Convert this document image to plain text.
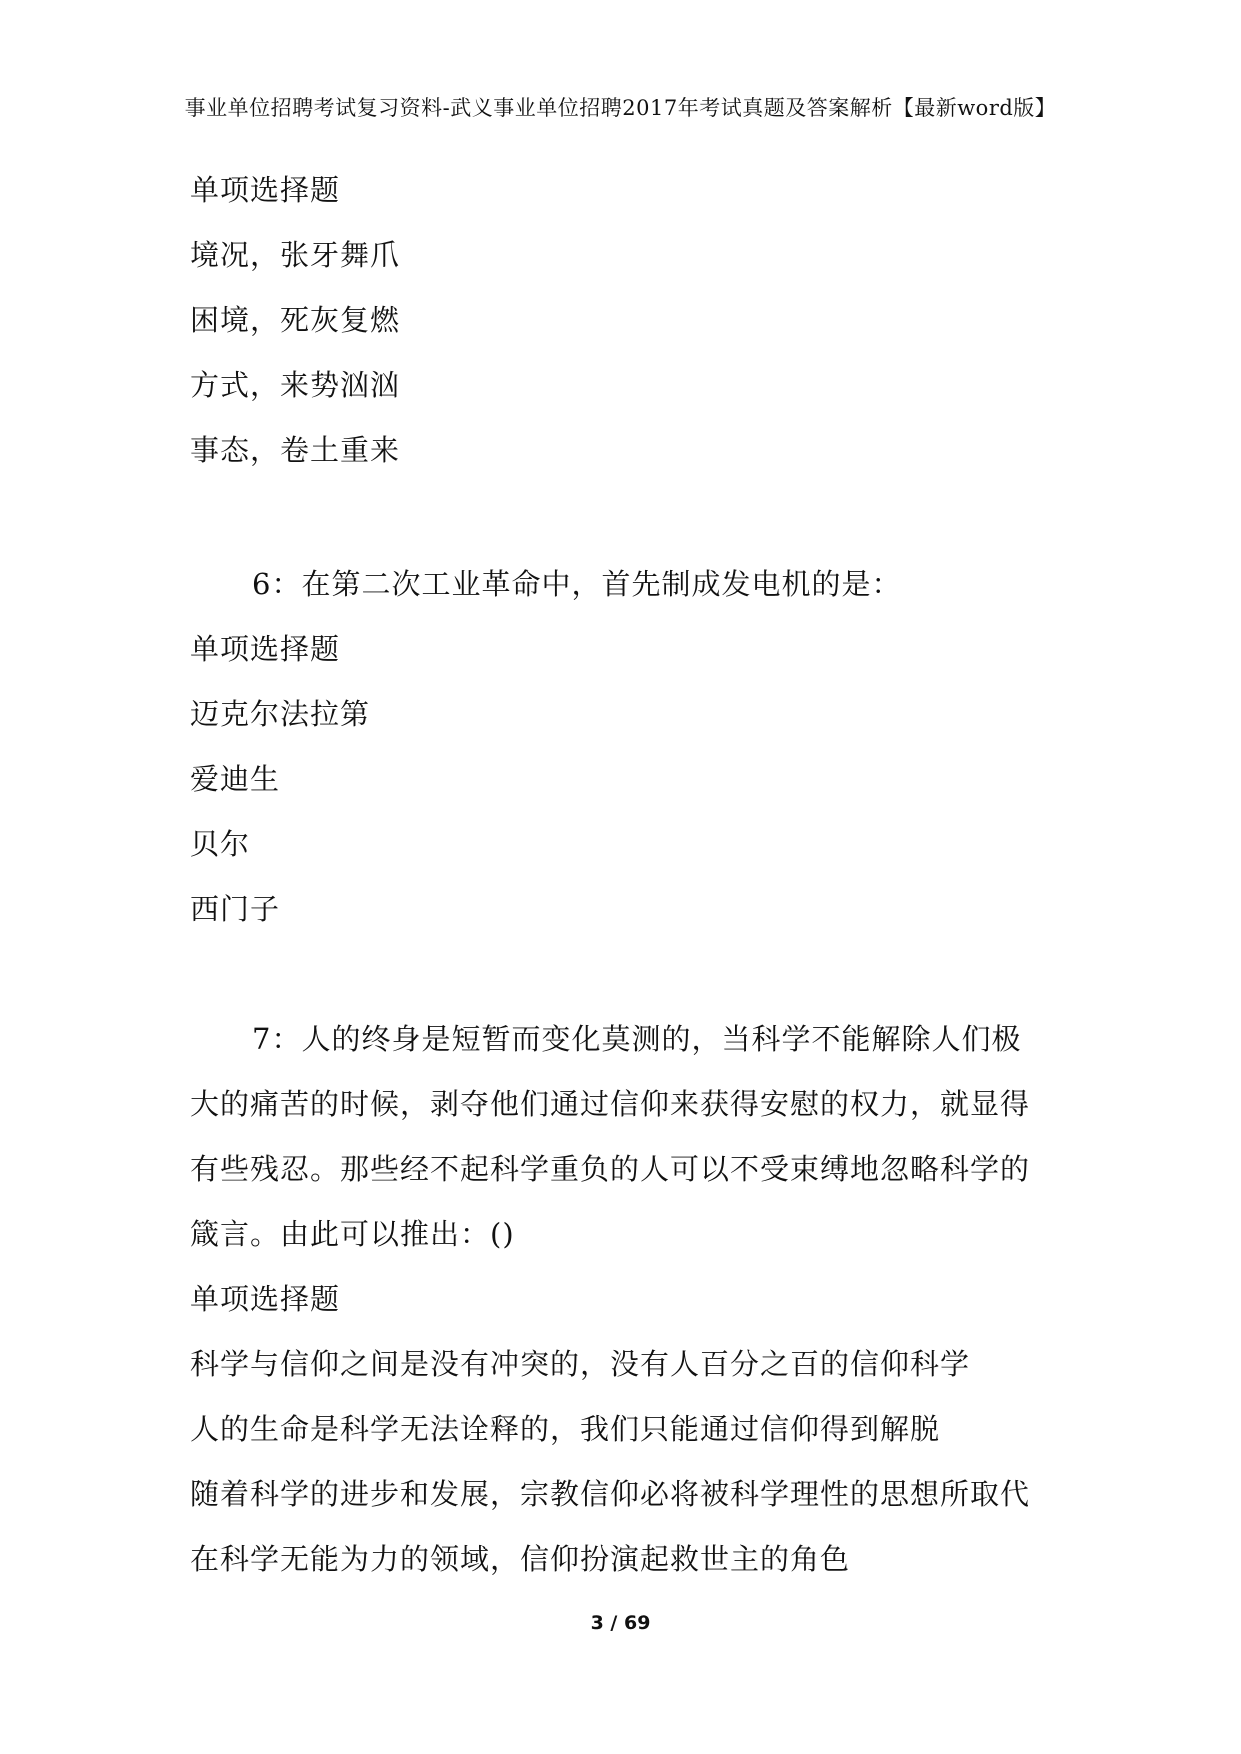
事业单位招聘考试复习资料-武义事业单位招聘2017年考试真题及答案解析【最新word版】
单项选择题
境况，张牙舞爪
困境，死灰复燃
方式，来势汹汹
事态，卷土重来
6：在第二次工业革命中，首先制成发电机的是：
单项选择题
迈克尔法拉第
爱迪生
贝尔
西门子
7：人的终身是短暂而变化莫测的，当科学不能解除人们极
大的痛苦的时候，剥夺他们通过信仰来获得安慰的权力，就显得
有些残忍。那些经不起科学重负的人可以不受束缚地忽略科学的
箴言。由此可以推出：()
单项选择题
科学与信仰之间是没有冲突的，没有人百分之百的信仰科学
人的生命是科学无法诠释的，我们只能通过信仰得到解脱
随着科学的进步和发展，宗教信仰必将被科学理性的思想所取代
在科学无能为力的领域，信仰扮演起救世主的角色
3 / 69
